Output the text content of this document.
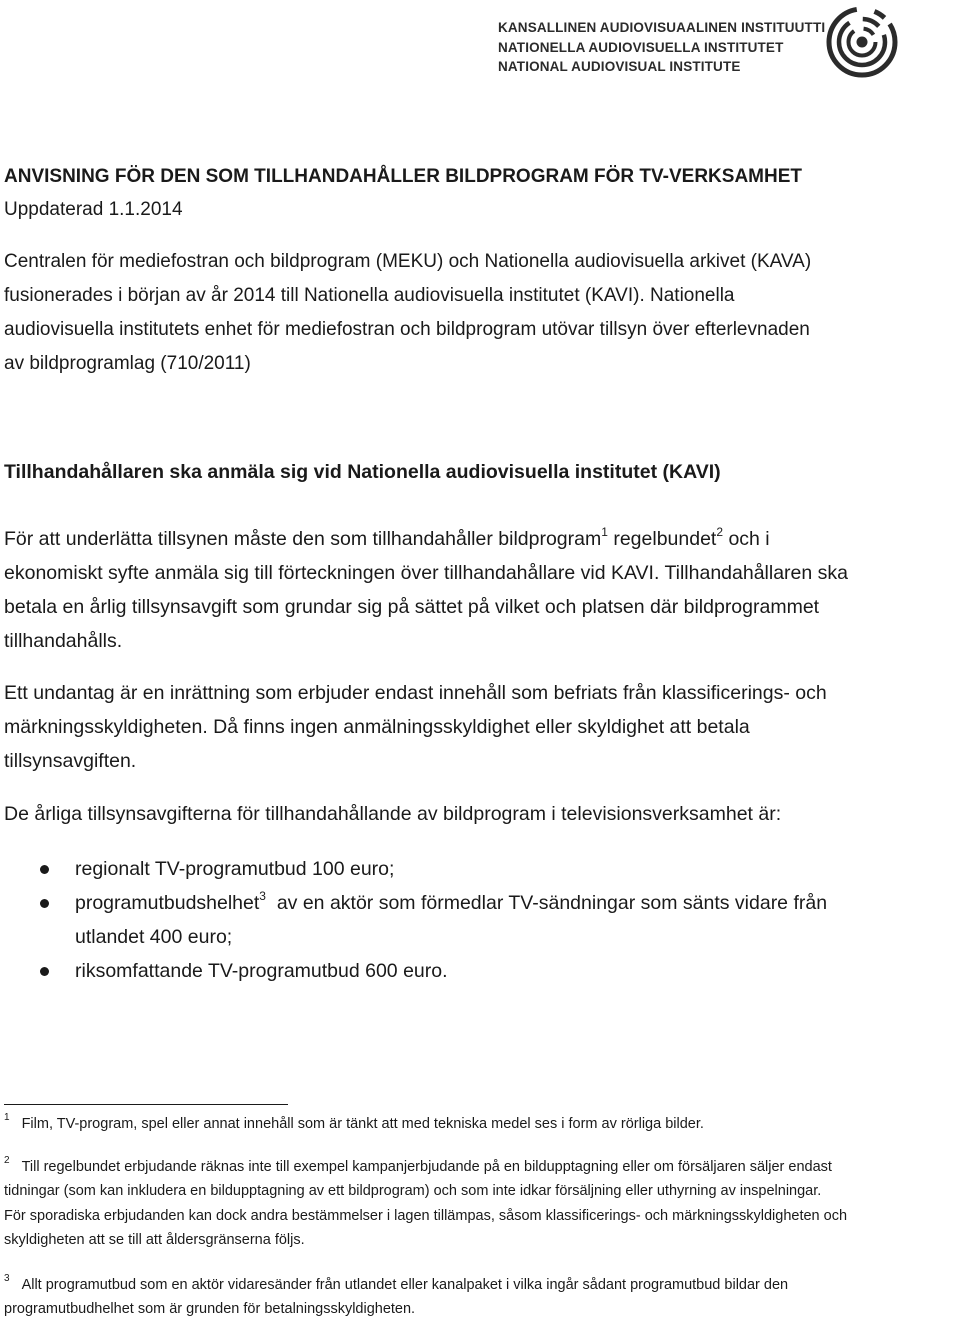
KANSALLINEN AUDIOVISUAALINEN INSTITUUTTI
NATIONELLA AUDIOVISUELLA INSTITUTET
NATIONAL AUDIOVISUAL INSTITUTE
ANVISNING FÖR DEN SOM TILLHANDAHÅLLER BILDPROGRAM FÖR TV-VERKSAMHET
Uppdaterad 1.1.2014
Centralen för mediefostran och bildprogram (MEKU) och Nationella audiovisuella arkivet (KAVA)
fusionerades i början av år 2014 till Nationella audiovisuella institutet (KAVI). Nationella
audiovisuella institutets enhet för mediefostran och bildprogram utövar tillsyn över efterlevnaden
av bildprogramlag (710/2011)
Tillhandahållaren ska anmäla sig vid Nationella audiovisuella institutet (KAVI)
För att underlätta tillsynen måste den som tillhandahåller bildprogram$^1$ regelbundet$^2$ och i
ekonomiskt syfte anmäla sig till förteckningen över tillhandahållare vid KAVI. Tillhandahållaren ska
betala en årlig tillsynsavgift som grundar sig på sättet på vilket och platsen där bildprogrammet
tillhandahålls.
Ett undantag är en inrättning som erbjuder endast innehåll som befriats från klassificerings- och
märkningsskyldigheten. Då finns ingen anmälningsskyldighet eller skyldighet att betala
tillsynsavgiften.
De årliga tillsynsavgifterna för tillhandahållande av bildprogram i televisionsverksamhet är:
regionalt TV-programutbud 100 euro;
programutbudshelhet$^3$  av en aktör som förmedlar TV-sändningar som sänts vidare från
utlandet 400 euro;
riksomfattande TV-programutbud 600 euro.
$^1$ Film, TV-program, spel eller annat innehåll som är tänkt att med tekniska medel ses i form av rörliga bilder.
$^2$ Till regelbundet erbjudande räknas inte till exempel kampanjerbjudande på en bildupptagning eller om försäljaren säljer endast
tidningar (som kan inkludera en bildupptagning av ett bildprogram) och som inte idkar försäljning eller uthyrning av inspelningar.
För sporadiska erbjudanden kan dock andra bestämmelser i lagen tillämpas, såsom klassificerings- och märkningsskyldigheten och
skyldigheten att se till att åldersgränserna följs.
$^3$ Allt programutbud som en aktör vidaresänder från utlandet eller kanalpaket i vilka ingår sådant programutbud bildar den
programutbudhelhet som är grunden för betalningsskyldigheten.
